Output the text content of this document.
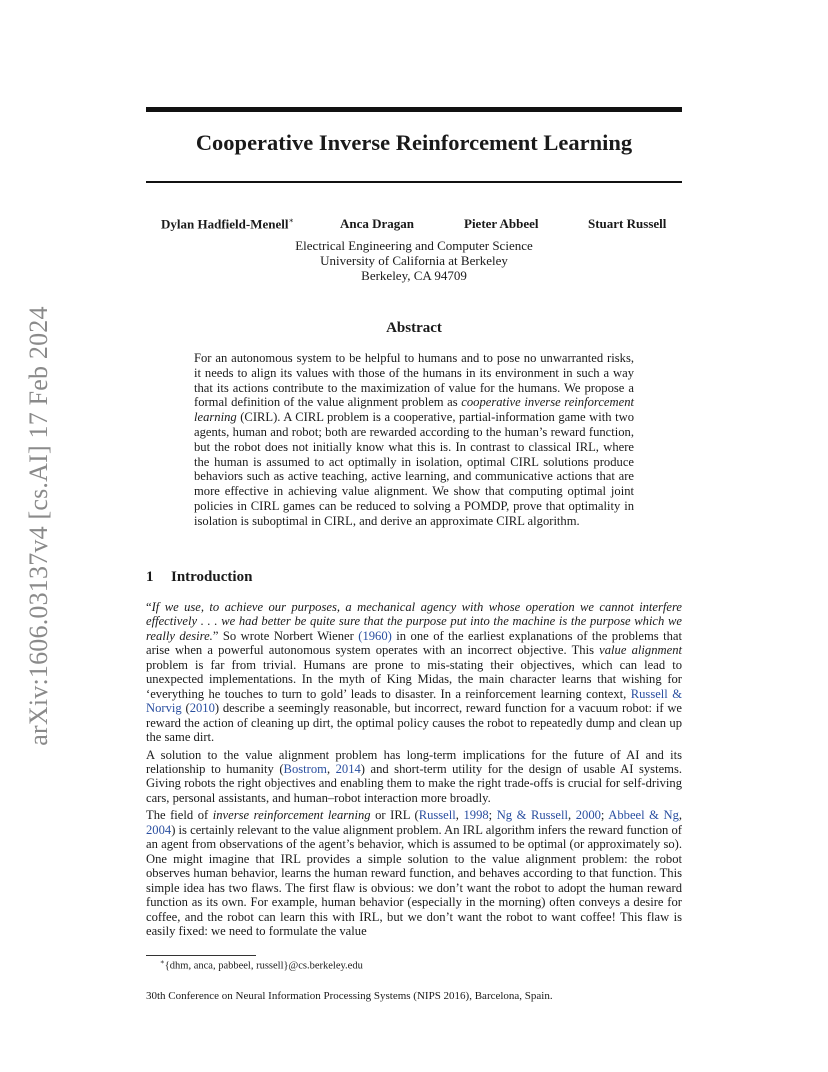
arXiv:1606.03137v4 [cs.AI] 17 Feb 2024
Cooperative Inverse Reinforcement Learning
Dylan Hadfield-Menell∗	Anca Dragan	Pieter Abbeel	Stuart Russell
Electrical Engineering and Computer Science
University of California at Berkeley
Berkeley, CA 94709
Abstract

For an autonomous system to be helpful to humans and to pose no unwarranted risks, it needs to align its values with those of the humans in its environment in such a way that its actions contribute to the maximization of value for the humans. We propose a formal definition of the value alignment problem as cooperative inverse reinforcement learning (CIRL). A CIRL problem is a cooperative, partial-information game with two agents, human and robot; both are rewarded according to the human’s reward function, but the robot does not initially know what this is. In contrast to classical IRL, where the human is assumed to act optimally in isolation, optimal CIRL solutions produce behaviors such as active teaching, active learning, and communicative actions that are more effective in achieving value alignment. We show that computing optimal joint policies in CIRL games can be reduced to solving a POMDP, prove that optimality in isolation is suboptimal in CIRL, and derive an approximate CIRL algorithm.

1 Introduction

“If we use, to achieve our purposes, a mechanical agency with whose operation we cannot interfere effectively . . . we had better be quite sure that the purpose put into the machine is the purpose which we really desire.” So wrote Norbert Wiener (1960) in one of the earliest explanations of the problems that arise when a powerful autonomous system operates with an incorrect objective. This value alignment problem is far from trivial. Humans are prone to mis-stating their objectives, which can lead to unexpected implementations. In the myth of King Midas, the main character learns that wishing for ‘everything he touches to turn to gold’ leads to disaster. In a reinforcement learning context, Russell & Norvig (2010) describe a seemingly reasonable, but incorrect, reward function for a vacuum robot: if we reward the action of cleaning up dirt, the optimal policy causes the robot to repeatedly dump and clean up the same dirt.

A solution to the value alignment problem has long-term implications for the future of AI and its relationship to humanity (Bostrom, 2014) and short-term utility for the design of usable AI systems. Giving robots the right objectives and enabling them to make the right trade-offs is crucial for self-driving cars, personal assistants, and human–robot interaction more broadly.

The field of inverse reinforcement learning or IRL (Russell, 1998; Ng & Russell, 2000; Abbeel & Ng, 2004) is certainly relevant to the value alignment problem. An IRL algorithm infers the reward function of an agent from observations of the agent’s behavior, which is assumed to be optimal (or approximately so). One might imagine that IRL provides a simple solution to the value alignment problem: the robot observes human behavior, learns the human reward function, and behaves according to that function. This simple idea has two flaws. The first flaw is obvious: we don’t want the robot to adopt the human reward function as its own. For example, human behavior (especially in the morning) often conveys a desire for coffee, and the robot can learn this with IRL, but we don’t want the robot to want coffee! This flaw is easily fixed: we need to formulate the value

∗{dhm, anca, pabbeel, russell}@cs.berkeley.edu
30th Conference on Neural Information Processing Systems (NIPS 2016), Barcelona, Spain.
